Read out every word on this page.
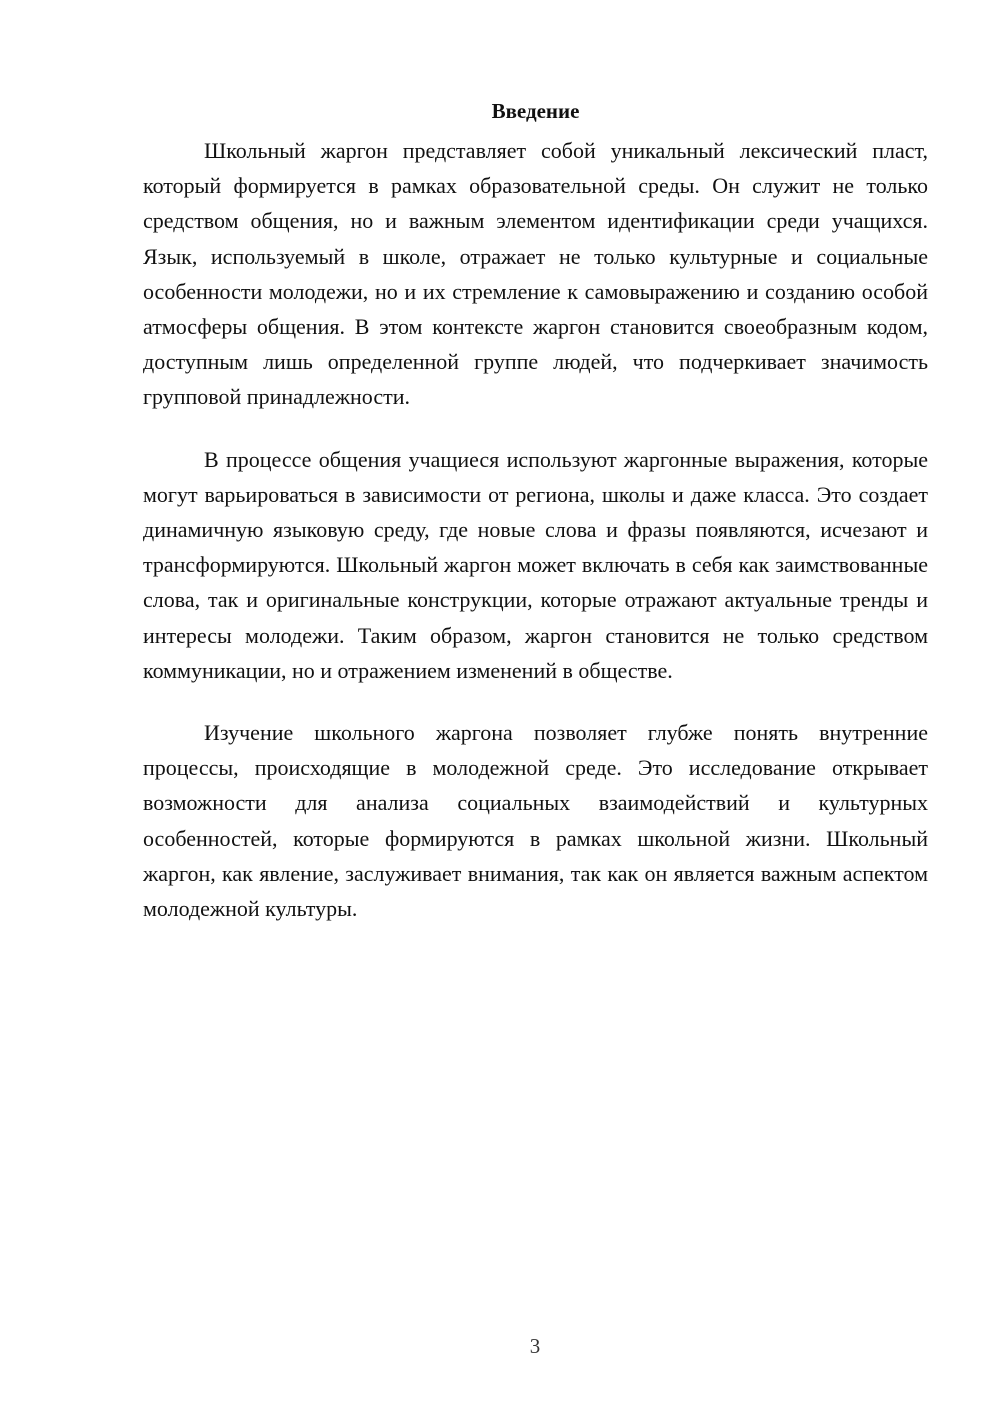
Введение

Школьный жаргон представляет собой уникальный лексический пласт, который формируется в рамках образовательной среды. Он служит не только средством общения, но и важным элементом идентификации среди учащихся. Язык, используемый в школе, отражает не только культурные и социальные особенности молодежи, но и их стремление к самовыражению и созданию особой атмосферы общения. В этом контексте жаргон становится своеобразным кодом, доступным лишь определенной группе людей, что подчеркивает значимость групповой принадлежности.

В процессе общения учащиеся используют жаргонные выражения, которые могут варьироваться в зависимости от региона, школы и даже класса. Это создает динамичную языковую среду, где новые слова и фразы появляются, исчезают и трансформируются. Школьный жаргон может включать в себя как заимствованные слова, так и оригинальные конструкции, которые отражают актуальные тренды и интересы молодежи. Таким образом, жаргон становится не только средством коммуникации, но и отражением изменений в обществе.

Изучение школьного жаргона позволяет глубже понять внутренние процессы, происходящие в молодежной среде. Это исследование открывает возможности для анализа социальных взаимодействий и культурных особенностей, которые формируются в рамках школьной жизни. Школьный жаргон, как явление, заслуживает внимания, так как он является важным аспектом молодежной культуры.

3
